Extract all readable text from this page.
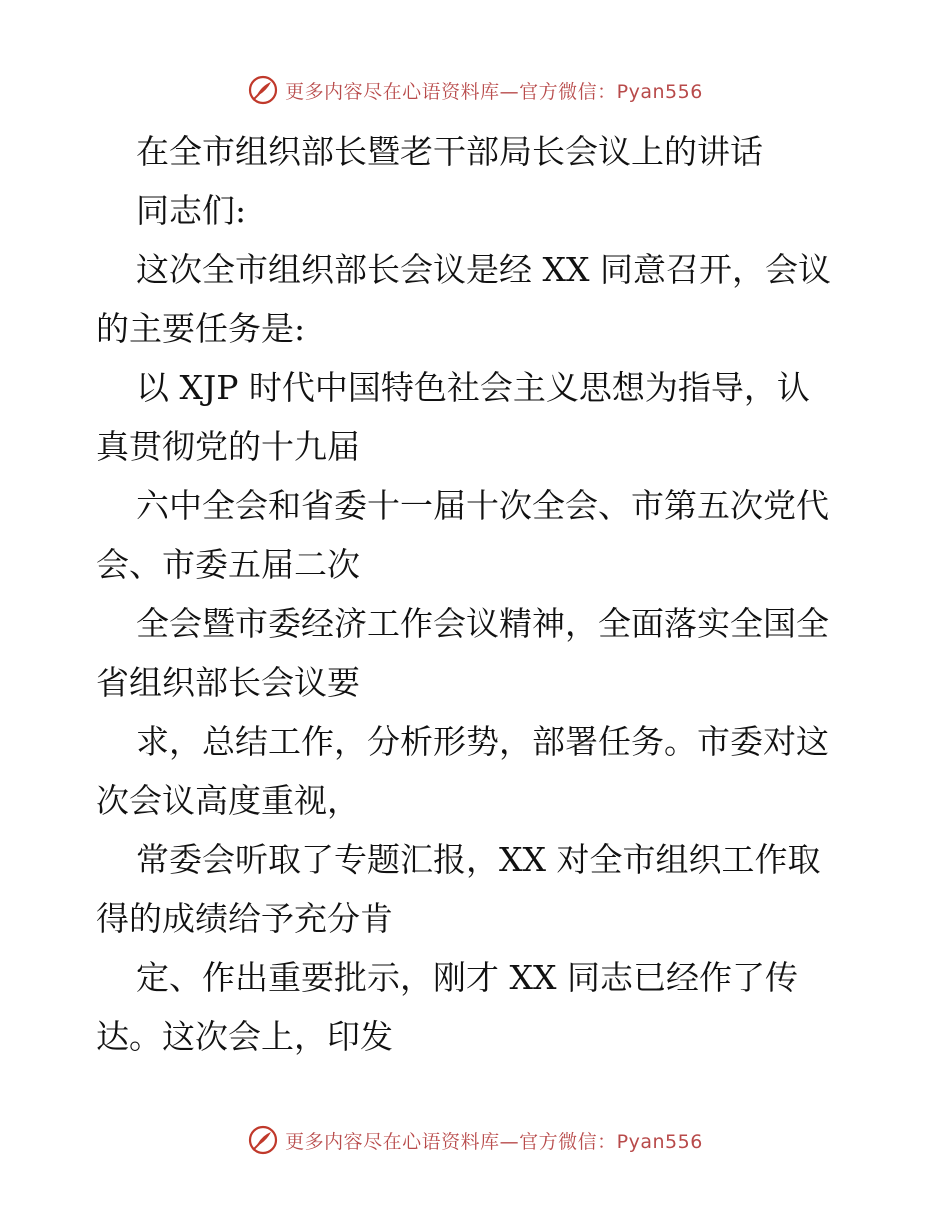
更多内容尽在心语资料库—官方微信：Pyan556

在全市组织部长暨老干部局长会议上的讲话

同志们:

这次全市组织部长会议是经 XX 同意召开，会议

的主要任务是:

以 XJP 时代中国特色社会主义思想为指导，认

真贯彻党的十九届

六中全会和省委十一届十次全会、市第五次党代

会、市委五届二次

全会暨市委经济工作会议精神，全面落实全国全

省组织部长会议要

求，总结工作，分析形势，部署任务。市委对这

次会议高度重视，

常委会听取了专题汇报，XX 对全市组织工作取

得的成绩给予充分肯

定、作出重要批示，刚才 XX 同志已经作了传

达。这次会上，印发

更多内容尽在心语资料库—官方微信：Pyan556
